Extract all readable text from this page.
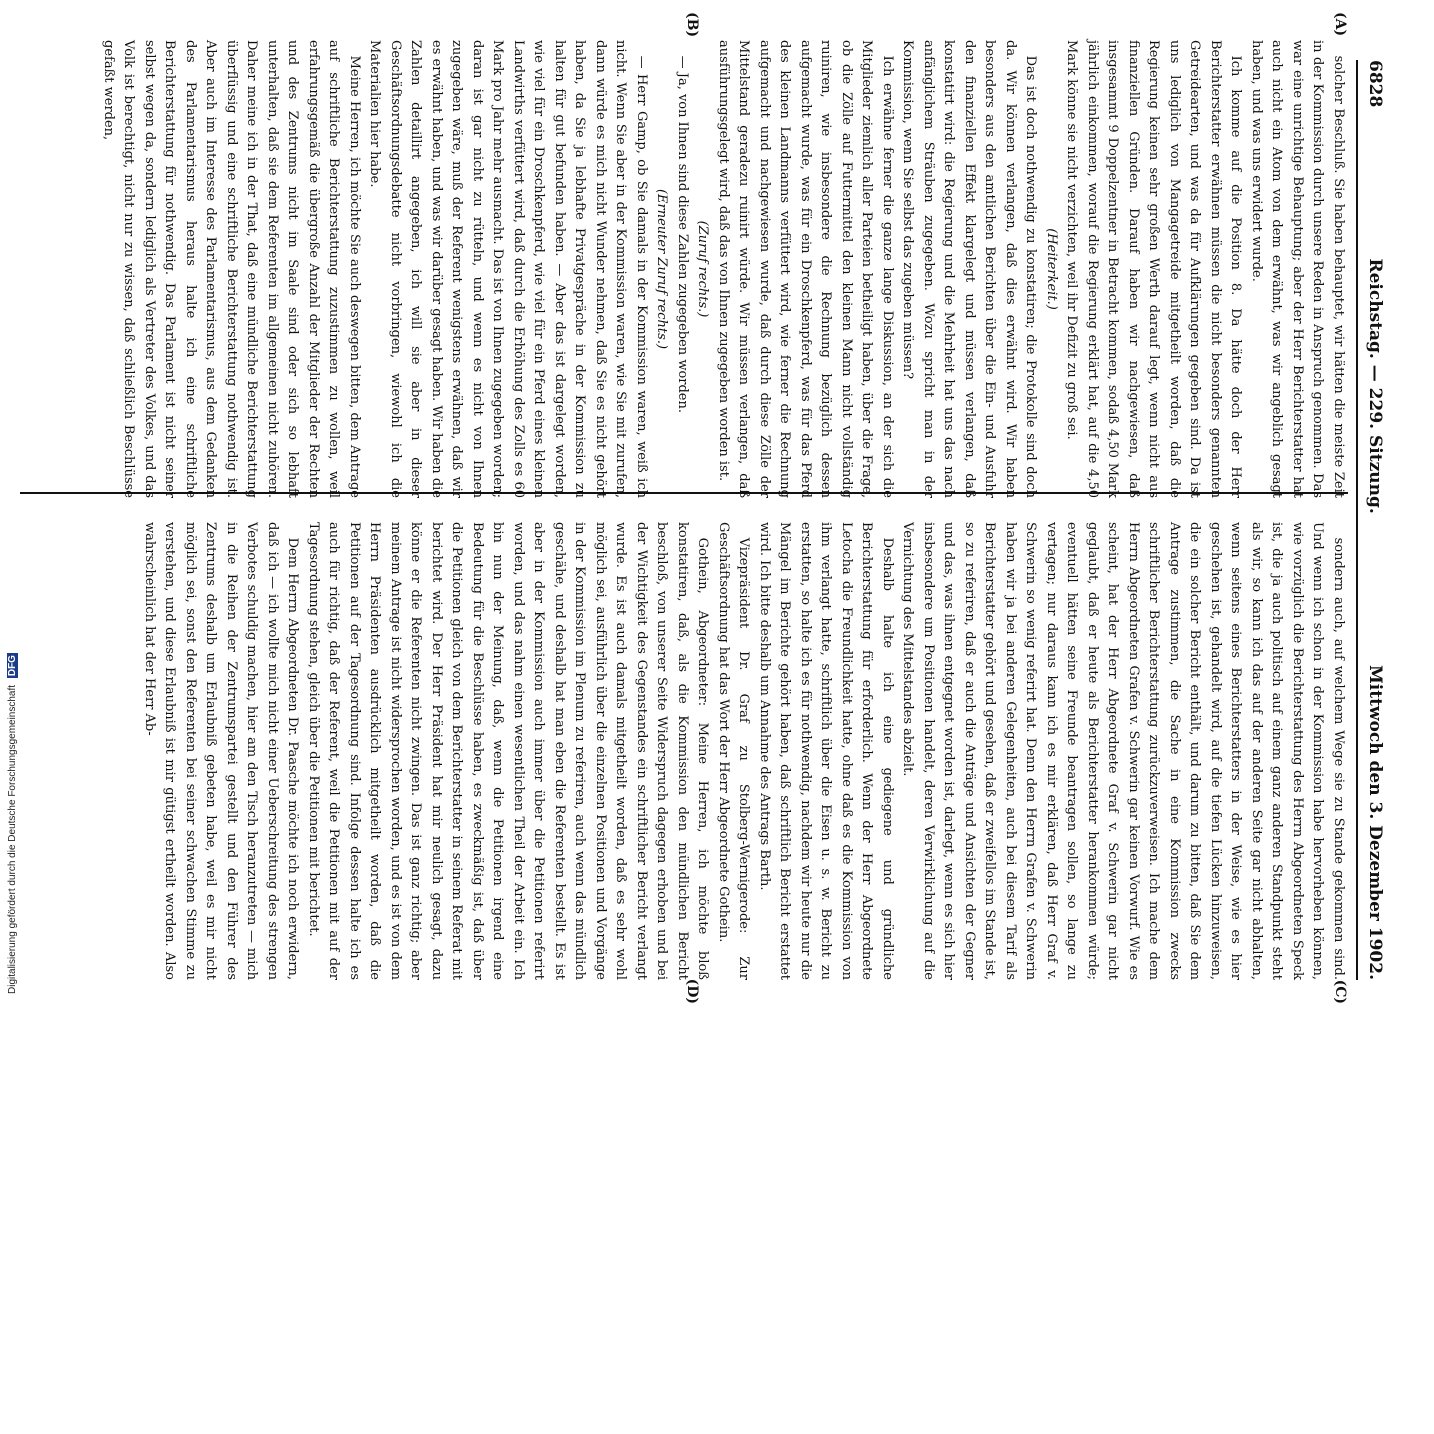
6828
Reichstag. — 229. Sitzung.
Mittwoch den 3. Dezember 1902.
(A)
(B)
(C)
(D)

solcher Beschluß. Sie haben behauptet, wir hätten die meiste Zeit in der Kommission durch unsere Reden in Anspruch genommen. Das war eine unrichtige Behauptung; aber der Herr Berichterstatter hat auch nicht ein Atom von dem erwähnt, was wir angeblich gesagt haben, und was uns erwidert wurde.

Ich komme auf die Position 8. Da hätte doch der Herr Berichterstatter erwähnen müssen die nicht besonders genannten Getreidearten, und was da für Aufklärungen gegeben sind. Da ist uns lediglich von Mangagetreide mitgetheilt worden, daß die Regierung keinen sehr großen Werth darauf legt, wenn nicht aus finanziellen Gründen. Darauf haben wir nachgewiesen, daß insgesammt 9 Doppelzentner in Betracht kommen, sodaß 4,50 Mark jährlich einkommen, worauf die Regierung erklärt hat, auf die 4,50 Mark könne sie nicht verzichten, weil ihr Defizit zu groß sei.

(Heiterkeit.)

Das ist doch nothwendig zu konstatiren; die Protokolle sind doch da. Wir können verlangen, daß dies erwähnt wird. Wir haben besonders aus den amtlichen Berichten über die Ein- und Ausfuhr den finanziellen Effekt klargelegt und müssen verlangen, daß konstatirt wird: die Regierung und die Mehrheit hat uns das nach anfänglichem Sträuben zugegeben. Wozu spricht man in der Kommission, wenn Sie selbst das zugeben müssen?

Ich erwähne ferner die ganze lange Diskussion, an der sich die Mitglieder ziemlich aller Parteien betheiligt haben, über die Frage, ob die Zölle auf Futtermittel den kleinen Mann nicht vollständig ruiniren, wie insbesondere die Rechnung bezüglich dessen aufgemacht wurde, was für ein Droschkenpferd, was für das Pferd des kleinen Landmanns verfüttert wird, wie ferner die Rechnung aufgemacht und nachgewiesen wurde, daß durch diese Zölle der Mittelstand geradezu ruinirt würde. Wir müssen verlangen, daß ausführungsgelegt wird, daß das von Ihnen zugegeben worden ist.

(Zuruf rechts.)

— Ja, von Ihnen sind diese Zahlen zugegeben worden.

(Erneuter Zuruf rechts.)

— Herr Gamp, ob Sie damals in der Kommission waren, weiß ich nicht. Wenn Sie aber in der Kommission waren, wie Sie mit zurufen, dann würde es mich nicht Wunder nehmen, daß Sie es nicht gehört haben, da Sie ja lebhafte Privatgespräche in der Kommission zu halten für gut befunden haben. — Aber das ist dargelegt worden, wie viel für ein Droschkenpferd, wie viel für ein Pferd eines kleinen Landwirths verfüttert wird, daß durch die Erhöhung des Zolls es 60 Mark pro Jahr mehr ausmacht. Das ist von Ihnen zugegeben worden; daran ist gar nicht zu rütteln, und wenn es nicht von Ihnen zugegeben wäre, muß der Referent wenigstens erwähnen, daß wir es erwähnt haben, und was wir darüber gesagt haben. Wir haben die Zahlen detaillirt angegeben, ich will sie aber in dieser Geschäftsordnungsdebatte nicht vorbringen, wiewohl ich die Materialien hier habe.

Meine Herren, ich möchte Sie auch deswegen bitten, dem Antrage auf schriftliche Berichterstattung zuzustimmen zu wollen, weil erfahrungsgemäß die übergroße Anzahl der Mitglieder der Rechten und des Zentrums nicht im Saale sind oder sich so lebhaft unterhalten, daß sie dem Referenten im allgemeinen nicht zuhören. Daher meine ich in der That, daß eine mündliche Berichterstattung überflüssig und eine schriftliche Berichterstattung nothwendig ist. Aber auch im Interesse des Parlamentarismus, aus dem Gedanken des Parlamentarismus heraus halte ich eine schriftliche Berichterstattung für nothwendig. Das Parlament ist nicht seiner selbst wegen da, sondern lediglich als Vertreter des Volkes, und das Volk ist berechtigt, nicht nur zu wissen, daß schließlich Beschlüsse gefaßt werden,

sondern auch, auf welchem Wege sie zu Stande gekommen sind. Und wenn ich schon in der Kommission habe hervorheben können, wie vorzüglich die Berichterstattung des Herrn Abgeordneten Speck ist, die ja auch politisch auf einem ganz anderen Standpunkt steht als wir, so kann ich das auf der anderen Seite gar nicht abhalten, wenn seitens eines Berichterstatters in der Weise, wie es hier geschehen ist, gehandelt wird, auf die tiefen Lücken hinzuweisen, die ein solcher Bericht enthält, und darum zu bitten, daß Sie dem Antrage zustimmen, die Sache in eine Kommission zwecks schriftlicher Berichterstattung zurückzuverweisen. Ich mache dem Herrn Abgeordneten Grafen v. Schwerin gar keinen Vorwurf. Wie es scheint, hat der Herr Abgeordnete Graf v. Schwerin gar nicht geglaubt, daß er heute als Berichterstatter herankommen würde; eventuell hätten seine Freunde beantragen sollen, so lange zu vertagen; nur daraus kann ich es mir erklären, daß Herr Graf v. Schwerin so wenig referirt hat. Denn den Herrn Grafen v. Schwerin haben wir ja bei anderen Gelegenheiten, auch bei diesem Tarif als Berichterstatter gehört und gesehen, daß er zweifellos im Stande ist, so zu referiren, daß er auch die Anträge und Ansichten der Gegner und das, was ihnen entgegnet worden ist, darlegt, wenn es sich hier insbesondere um Positionen handelt, deren Verwirklichung auf die Vernichtung des Mittelstandes abzielt.

Deshalb halte ich eine gediegene und gründliche Berichterstattung für erforderlich. Wenn der Herr Abgeordnete Letocha die Freundlichkeit hatte, ohne daß es die Kommission von ihm verlangt hatte, schriftlich über die Eisen u. s. w. Bericht zu erstatten, so halte ich es für nothwendig, nachdem wir heute nur die Mängel im Berichte gehört haben, daß schriftlich Bericht erstattet wird. Ich bitte deshalb um Annahme des Antrags Barth.

Vizepräsident Dr. Graf zu Stolberg-Wernigerode: Zur Geschäftsordnung hat das Wort der Herr Abgeordnete Gothein.

Gothein, Abgeordneter: Meine Herren, ich möchte bloß konstatiren, daß, als die Kommission den mündlichen Bericht beschloß, von unserer Seite Widerspruch dagegen erhoben und bei der Wichtigkeit des Gegenstandes ein schriftlicher Bericht verlangt wurde. Es ist auch damals mitgetheilt worden, daß es sehr wohl möglich sei, ausführlich über die einzelnen Positionen und Vorgänge in der Kommission im Plenum zu referiren, auch wenn das mündlich geschähe, und deshalb hat man eben die Referenten bestellt. Es ist aber in der Kommission auch immer über die Petitionen referirt worden, und das nahm einen wesentlichen Theil der Arbeit ein. Ich bin nun der Meinung, daß, wenn die Petitionen irgend eine Bedeutung für die Beschlüsse haben, es zweckmäßig ist, daß über die Petitionen gleich von dem Berichterstatter in seinem Referat mit berichtet wird. Der Herr Präsident hat mir neulich gesagt, dazu könne er die Referenten nicht zwingen. Das ist ganz richtig; aber meinem Antrage ist nicht widersprochen worden, und es ist von dem Herrn Präsidenten ausdrücklich mitgetheilt worden, daß die Petitionen auf der Tagesordnung sind. Infolge dessen halte ich es auch für richtig, daß der Referent, weil die Petitionen mit auf der Tagesordnung stehen, gleich über die Petitionen mit berichtet.

Dem Herrn Abgeordneten Dr. Paasche möchte ich noch erwidern, daß ich — ich wollte mich nicht einer Ueberschreitung des strengen Verbotes schuldig machen, hier am den Tisch heranzutreten — mich in die Reihen der Zentrumspartei gestellt und den Führer des Zentrums deshalb um Erlaubniß gebeten habe, weil es mir nicht möglich sei, sonst den Referenten bei seiner schwachen Stimme zu verstehen, und diese Erlaubniß ist mir gütigst ertheilt worden. Also wahrscheinlich hat der Herr Ab-

Digitalisierung gefördert durch die Deutsche Forschungsgemeinschaft DFG
